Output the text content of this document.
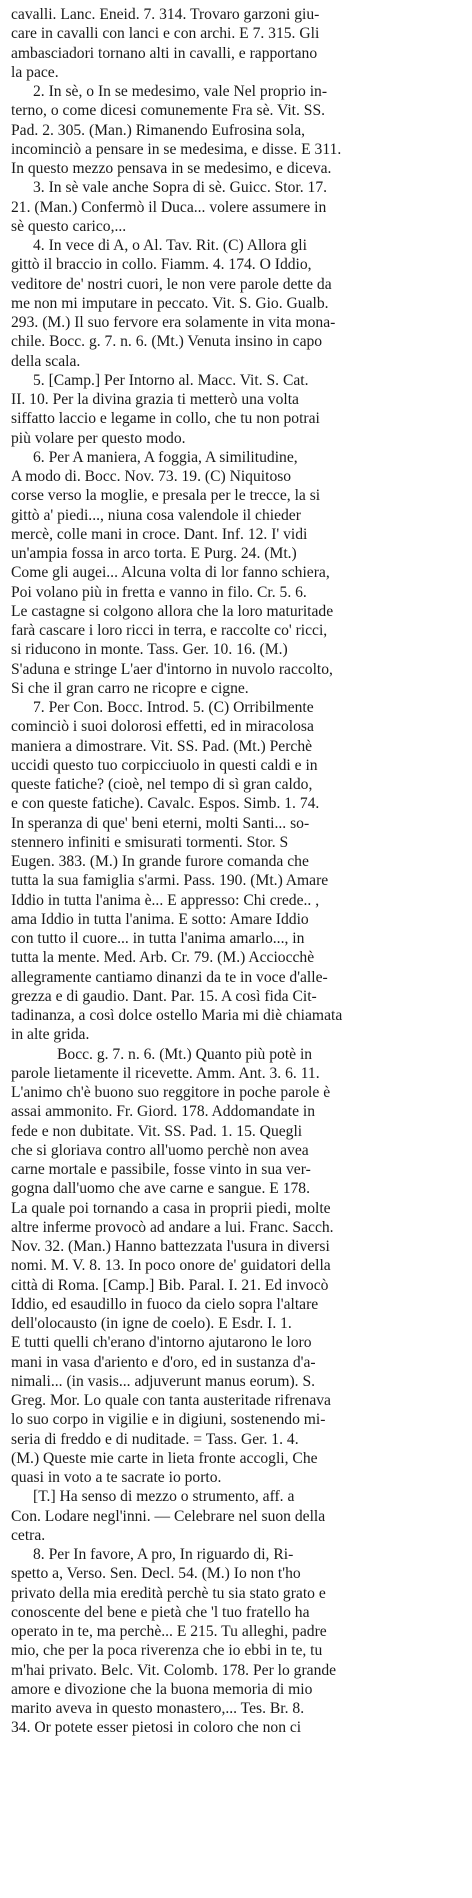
cavalli. Lanc. Eneid. 7. 314. Trovaro garzoni giu-
care in cavalli con lanci e con archi. E 7. 315. Gli
ambasciadori tornano alti in cavalli, e rapportano
la pace.
2. In sè, o In se medesimo, vale Nel proprio in-
terno, o come dicesi comunemente Fra sè. Vit. SS.
Pad. 2. 305. (Man.) Rimanendo Eufrosina sola,
incominciò a pensare in se medesima, e disse. E 311.
In questo mezzo pensava in se medesimo, e diceva.
3. In sè vale anche Sopra di sè. Guicc. Stor. 17.
21. (Man.) Confermò il Duca... volere assumere in
sè questo carico,...
4. In vece di A, o Al. Tav. Rit. (C) Allora gli
gittò il braccio in collo. Fiamm. 4. 174. O Iddio,
veditore de' nostri cuori, le non vere parole dette da
me non mi imputare in peccato. Vit. S. Gio. Gualb.
293. (M.) Il suo fervore era solamente in vita mona-
chile. Bocc. g. 7. n. 6. (Mt.) Venuta insino in capo
della scala.
5. [Camp.] Per Intorno al. Macc. Vit. S. Cat.
II. 10. Per la divina grazia ti metterò una volta
siffatto laccio e legame in collo, che tu non potrai
più volare per questo modo.
6. Per A maniera, A foggia, A similitudine,
A modo di. Bocc. Nov. 73. 19. (C) Niquitoso
corse verso la moglie, e presala per le trecce, la si
gittò a' piedi..., niuna cosa valendole il chieder
mercè, colle mani in croce. Dant. Inf. 12. I' vidi
un'ampia fossa in arco torta. E Purg. 24. (Mt.)
Come gli augei... Alcuna volta di lor fanno schiera,
Poi volano più in fretta e vanno in filo. Cr. 5. 6.
Le castagne si colgono allora che la loro maturitade
farà cascare i loro ricci in terra, e raccolte co' ricci,
si riducono in monte. Tass. Ger. 10. 16. (M.)
S'aduna e stringe L'aer d'intorno in nuvolo raccolto,
Si che il gran carro ne ricopre e cigne.
7. Per Con. Bocc. Introd. 5. (C) Orribilmente
cominciò i suoi dolorosi effetti, ed in miracolosa
maniera a dimostrare. Vit. SS. Pad. (Mt.) Perchè
uccidi questo tuo corpicciuolo in questi caldi e in
queste fatiche? (cioè, nel tempo di sì gran caldo,
e con queste fatiche). Cavalc. Espos. Simb. 1. 74.
In speranza di que' beni eterni, molti Santi... so-
stennero infiniti e smisurati tormenti. Stor. S
Eugen. 383. (M.) In grande furore comanda che
tutta la sua famiglia s'armi. Pass. 190. (Mt.) Amare
Iddio in tutta l'anima è... E appresso: Chi crede.. ,
ama Iddio in tutta l'anima. E sotto: Amare Iddio
con tutto il cuore... in tutta l'anima amarlo..., in
tutta la mente. Med. Arb. Cr. 79. (M.) Acciocchè
allegramente cantiamo dinanzi da te in voce d'alle-
grezza e di gaudio. Dant. Par. 15. A così fida Cit-
tadinanza, a così dolce ostello Maria mi diè chiamata
in alte grida.
Bocc. g. 7. n. 6. (Mt.) Quanto più potè in
parole lietamente il ricevette. Amm. Ant. 3. 6. 11.
L'animo ch'è buono suo reggitore in poche parole è
assai ammonito. Fr. Giord. 178. Addomandate in
fede e non dubitate. Vit. SS. Pad. 1. 15. Quegli
che si gloriava contro all'uomo perchè non avea
carne mortale e passibile, fosse vinto in sua ver-
gogna dall'uomo che ave carne e sangue. E 178.
La quale poi tornando a casa in proprii piedi, molte
altre inferme provocò ad andare a lui. Franc. Sacch.
Nov. 32. (Man.) Hanno battezzata l'usura in diversi
nomi. M. V. 8. 13. In poco onore de' guidatori della
città di Roma. [Camp.] Bib. Paral. I. 21. Ed invocò
Iddio, ed esaudillo in fuoco da cielo sopra l'altare
dell'olocausto (in igne de coelo). E Esdr. I. 1.
E tutti quelli ch'erano d'intorno ajutarono le loro
mani in vasa d'ariento e d'oro, ed in sustanza d'a-
nimali... (in vasis... adjuverunt manus eorum). S.
Greg. Mor. Lo quale con tanta austeritade rifrenava
lo suo corpo in vigilie e in digiuni, sostenendo mi-
seria di freddo e di nuditade. = Tass. Ger. 1. 4.
(M.) Queste mie carte in lieta fronte accogli, Che
quasi in voto a te sacrate io porto.
[T.] Ha senso di mezzo o strumento, aff. a
Con. Lodare negl'inni. — Celebrare nel suon della
cetra.
8. Per In favore, A pro, In riguardo di, Ri-
spetto a, Verso. Sen. Decl. 54. (M.) Io non t'ho
privato della mia eredità perchè tu sia stato grato e
conoscente del bene e pietà che 'l tuo fratello ha
operato in te, ma perchè... E 215. Tu alleghi, padre
mio, che per la poca riverenza che io ebbi in te, tu
m'hai privato. Belc. Vit. Colomb. 178. Per lo grande
amore e divozione che la buona memoria di mio
marito aveva in questo monastero,... Tes. Br. 8.
34. Or potete esser pietosi in coloro che non ci
